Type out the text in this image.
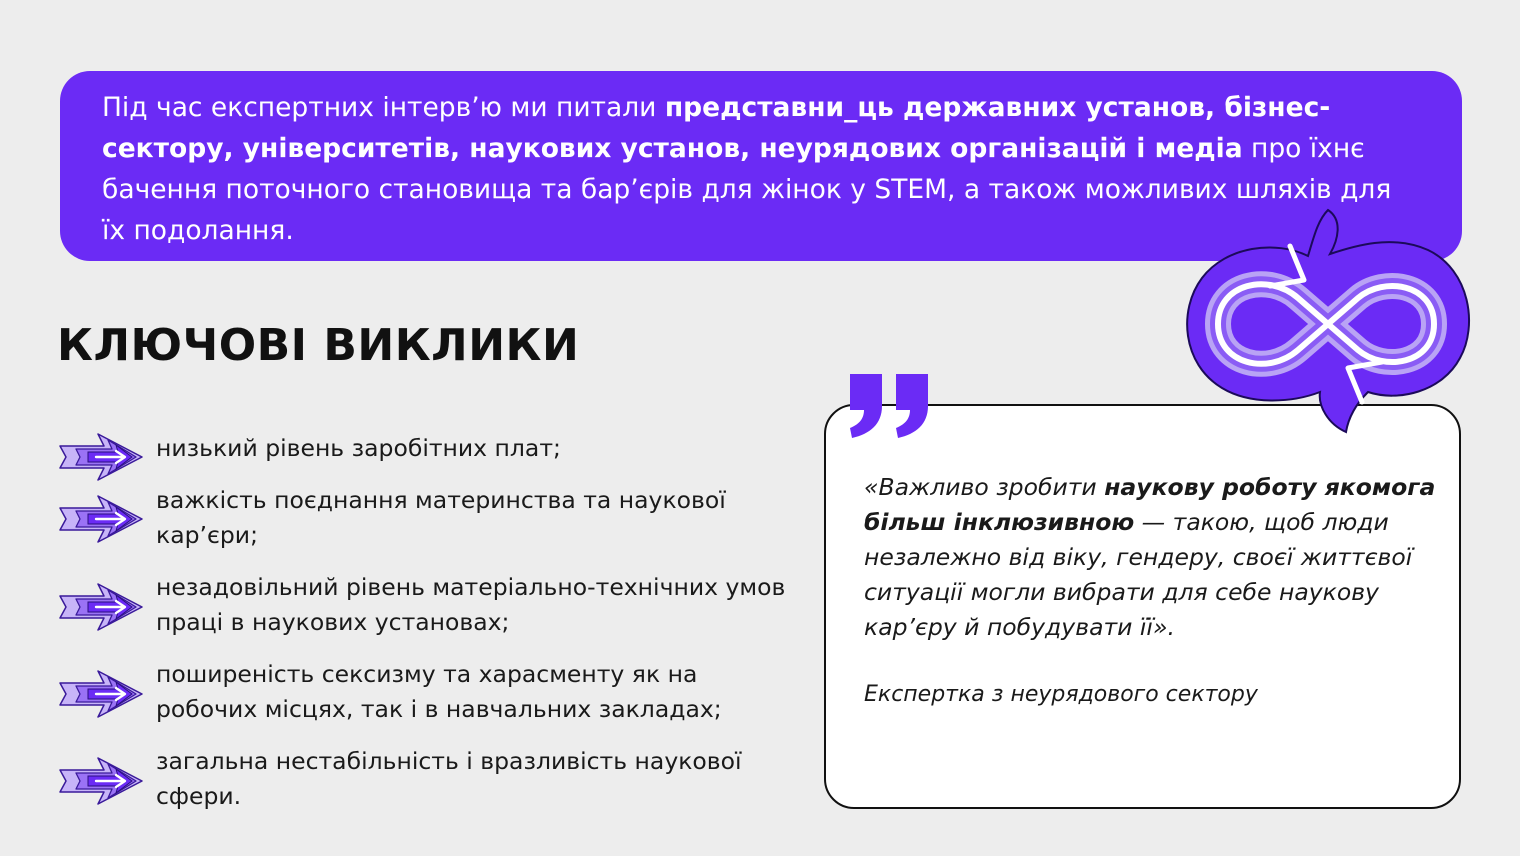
Під час експертних інтерв’ю ми питали представни_ць державних установ, бізнес-сектору, університетів, наукових установ, неурядових організацій і медіа про їхнє бачення поточного становища та бар’єрів для жінок у STEM, а також можливих шляхів для їх подолання.
КЛЮЧОВІ ВИКЛИКИ
низький рівень заробітних плат;
важкість поєднання материнства та наукової кар’єри;
незадовільний рівень матеріально-технічних умов праці в наукових установах;
поширеність сексизму та харасменту як на робочих місцях, так і в навчальних закладах;
загальна нестабільність і вразливість наукової сфери.
«Важливо зробити наукову роботу якомога більш інклюзивною — такою, щоб люди незалежно від віку, гендеру, своєї життєвої ситуації могли вибрати для себе наукову кар’єру й побудувати її».
Експертка з неурядового сектору
